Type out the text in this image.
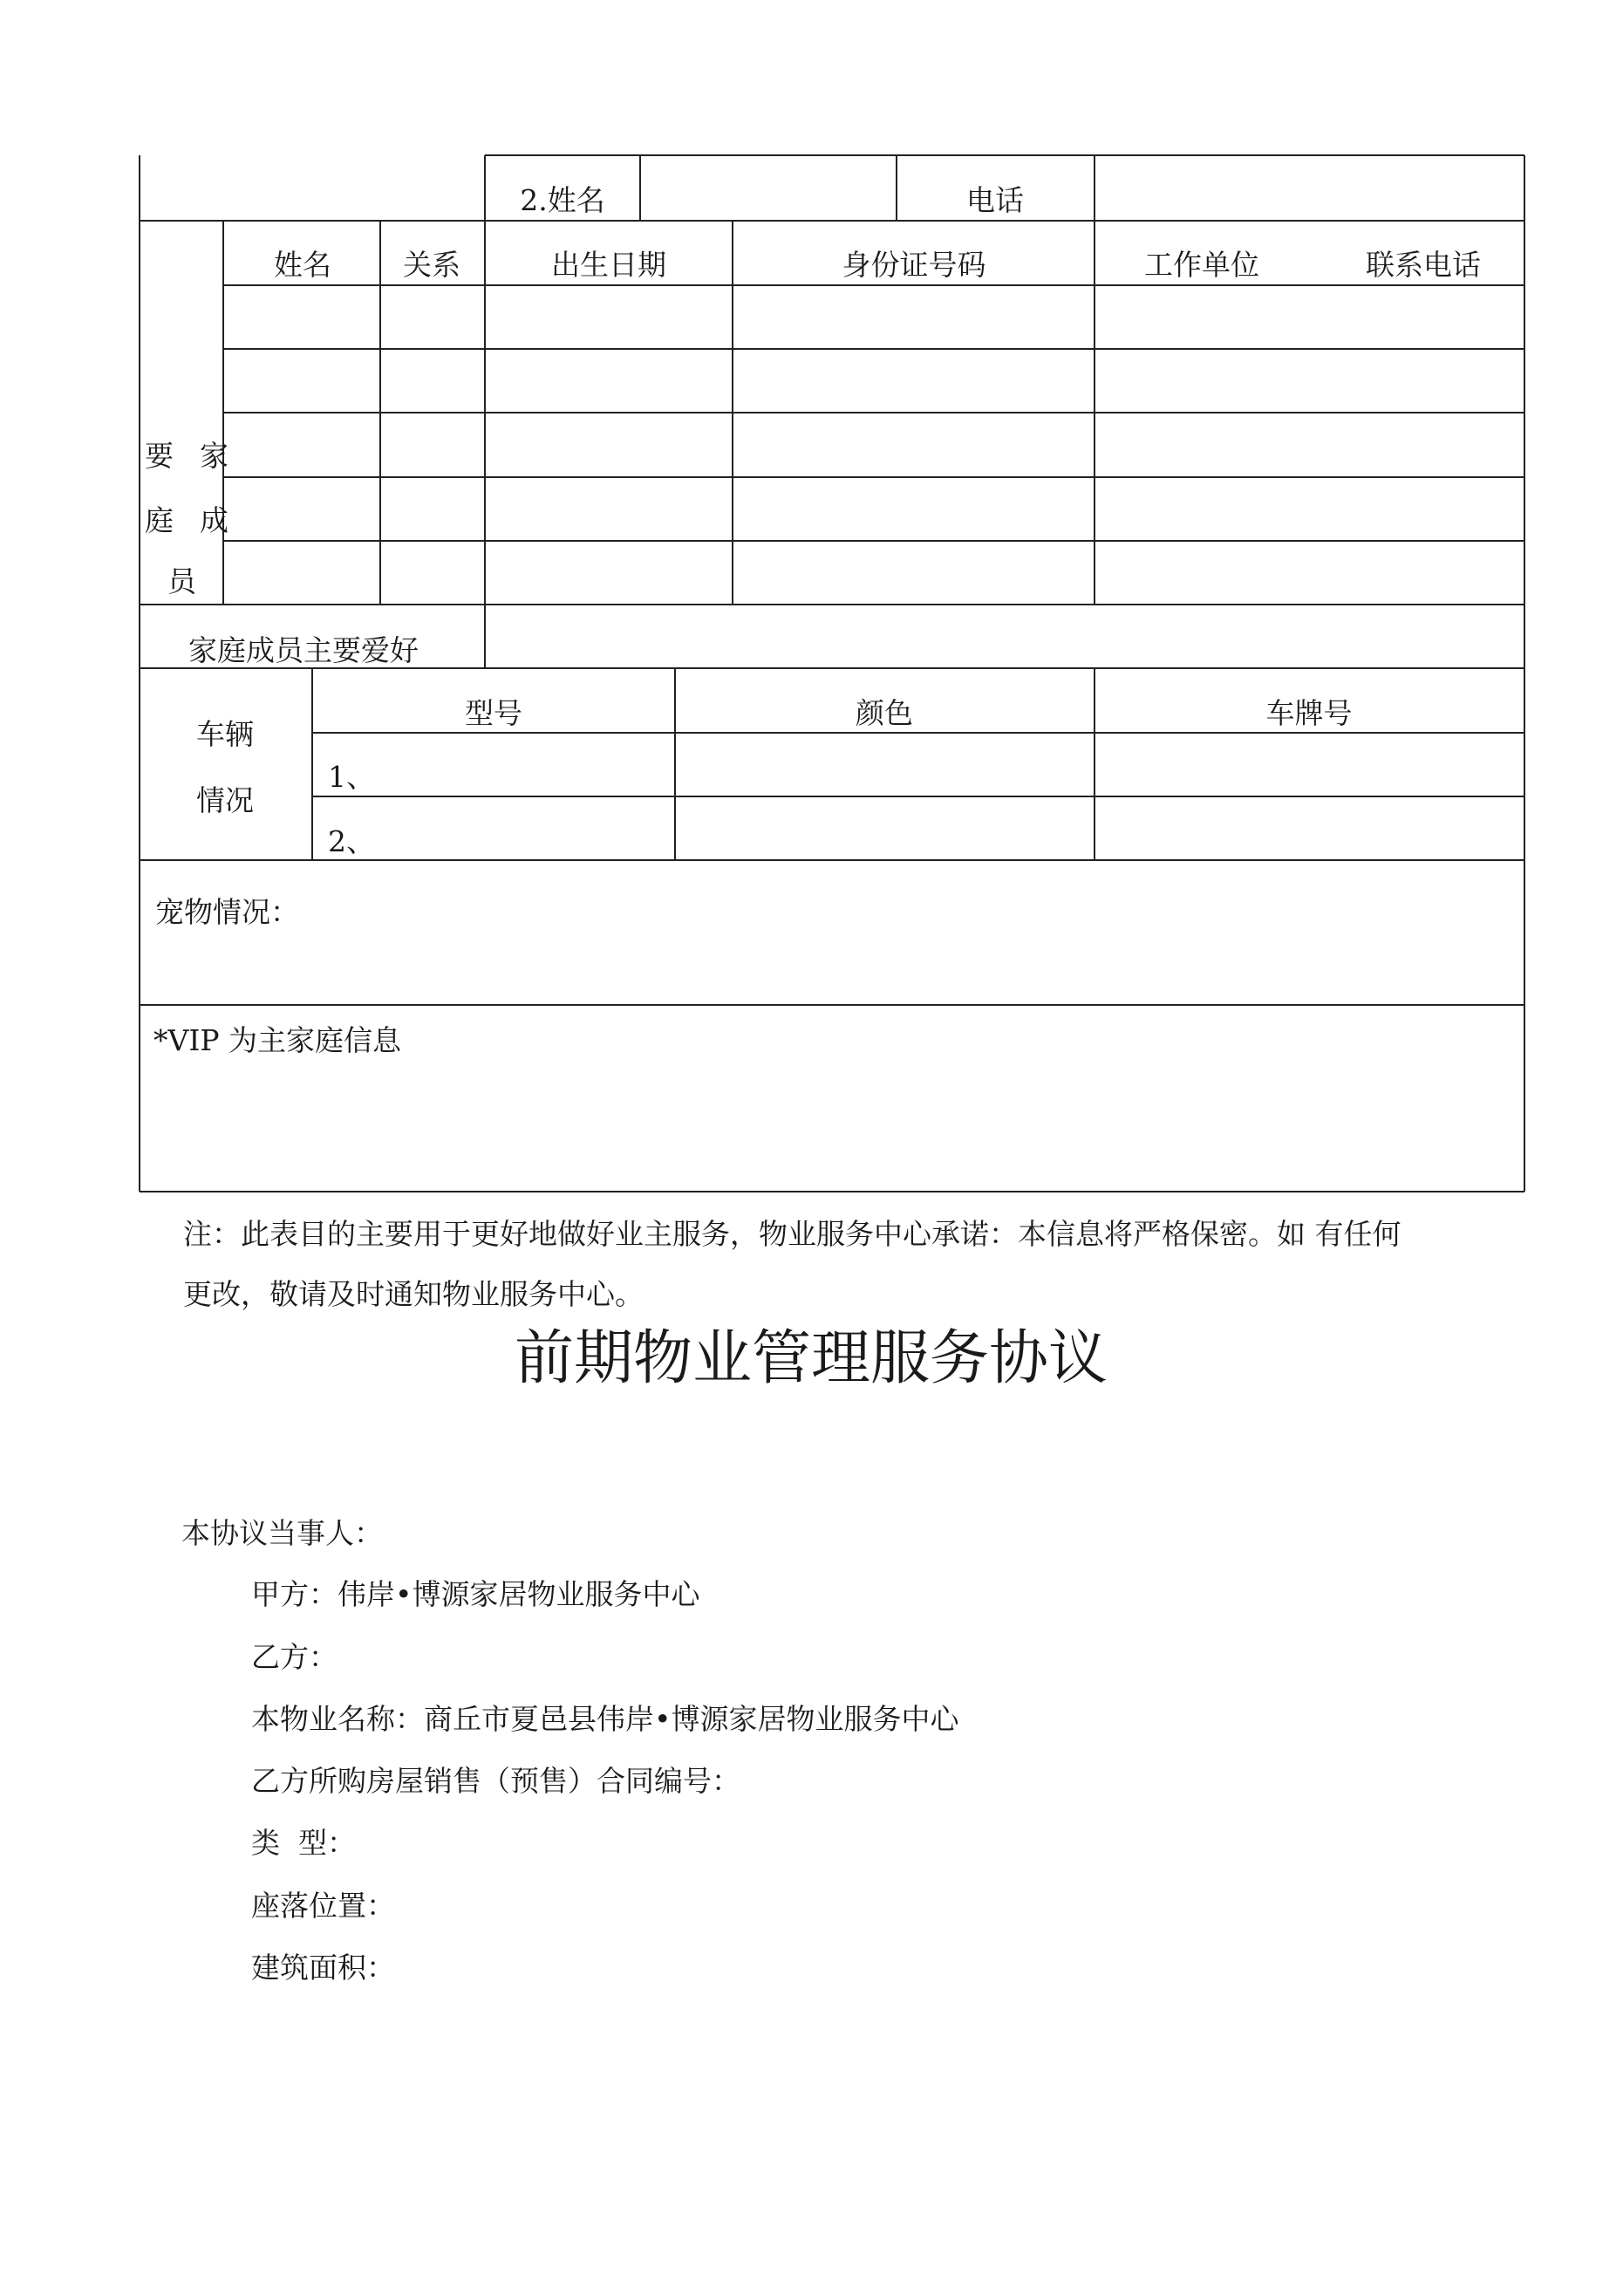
2.姓名	电话
姓名 关系	出生日期	身份证号码	工作单位	联系电话
要 家
庭 成
员
家庭成员主要爱好
车辆
情况
型号	颜色	车牌号
1、
2、
宠物情况：
*VIP 为主家庭信息
注：此表目的主要用于更好地做好业主服务，物业服务中心承诺：本信息将严格保密。如 有任何
更改，敬请及时通知物业服务中心。
前期物业管理服务协议
本协议当事人：
甲方：伟岸•博源家居物业服务中心
乙方：
本物业名称：商丘市夏邑县伟岸•博源家居物业服务中心
乙方所购房屋销售（预售）合同编号：
类  型：
座落位置：
建筑面积：
